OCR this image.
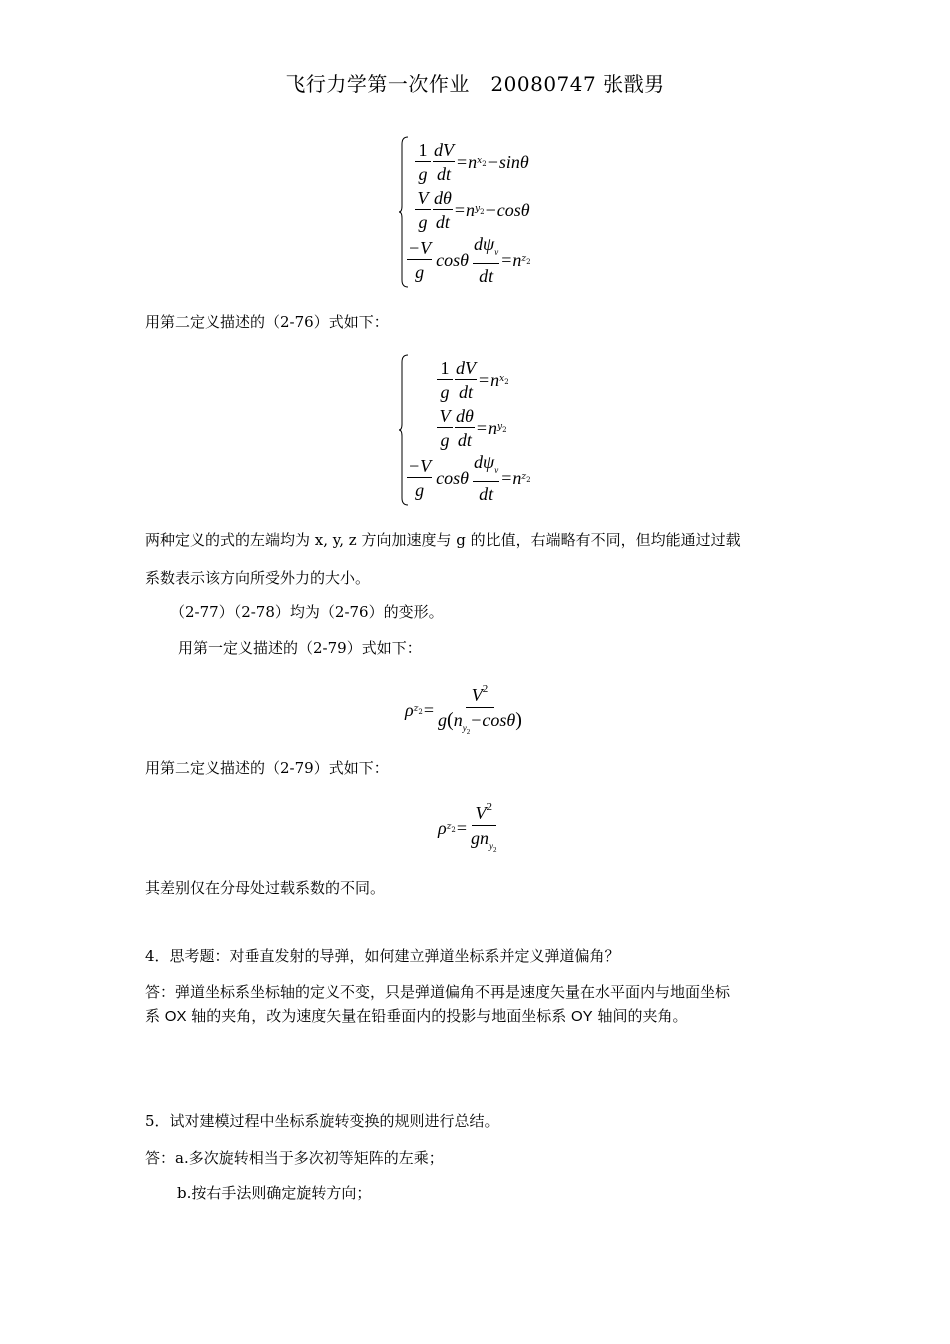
飞行力学第一次作业　20080747 张戬男
$\frac{1}{g} \frac{dV}{dt} = n$ $x_2 - \sin\theta$
$\frac{V}{g} \frac{d\theta}{dt} = n$ $y_2 - \cos\theta$
$\frac{-V}{g}$ cosθ $\frac{d\psi_v}{dt} = n$ $z_2$
用第二定义描述的（2-76）式如下：
$\frac{1}{g} \frac{dV}{dt} = n$ $x_2$
$\frac{V}{g} \frac{d\theta}{dt} = n$ $y_2$
$\frac{-V}{g}$ cosθ $\frac{d\psi_v}{dt} = n$ $z_2$
两种定义的式的左端均为 x, y, z 方向加速度与 g 的比值，右端略有不同，但均能通过过载
系数表示该方向所受外力的大小。
（2-77）（2-78）均为（2-76）的变形。
用第一定义描述的（2-79）式如下：
ρ $z_2 = \frac{V^2}{g(n_{y_2}-\cos\theta)}$
用第二定义描述的（2-79）式如下：
ρ $z_2 = \frac{V^2}{gn_{y_2}}$
其差别仅在分母处过载系数的不同。
4．思考题：对垂直发射的导弹，如何建立弹道坐标系并定义弹道偏角？
答：弹道坐标系坐标轴的定义不变，只是弹道偏角不再是速度矢量在水平面内与地面坐标
系 OX 轴的夹角，改为速度矢量在铅垂面内的投影与地面坐标系 OY 轴间的夹角。
5．试对建模过程中坐标系旋转变换的规则进行总结。
答：a.多次旋转相当于多次初等矩阵的左乘；
b.按右手法则确定旋转方向；
